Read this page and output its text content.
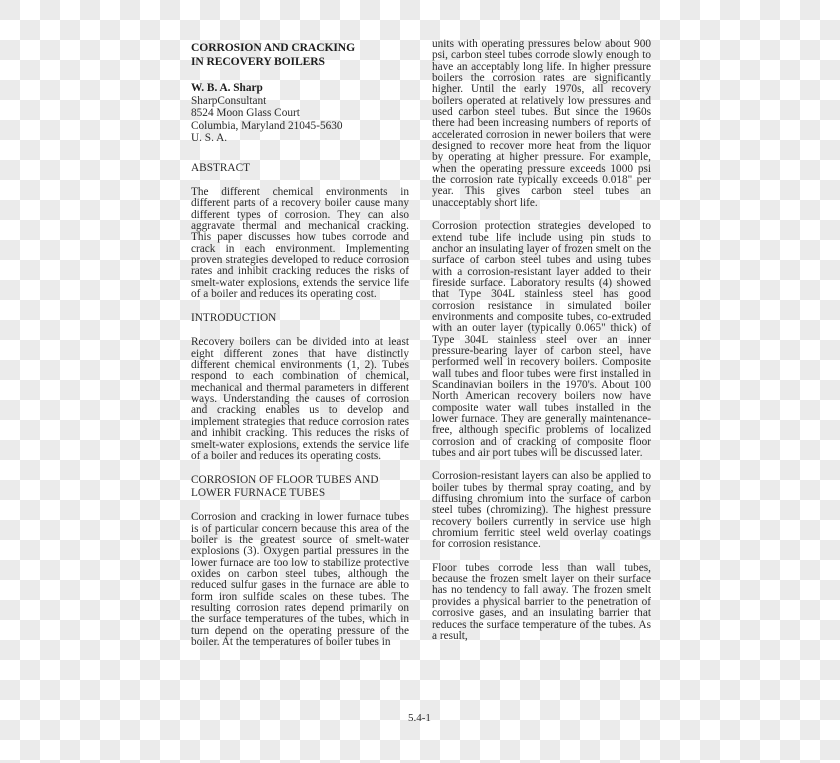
CORROSION AND CRACKING
IN RECOVERY BOILERS
W. B. A. Sharp
SharpConsultant
8524 Moon Glass Court
Columbia, Maryland 21045-5630
U. S. A.
ABSTRACT

The different chemical environments in different parts of a recovery boiler cause many different types of corrosion. They can also aggravate thermal and mechanical cracking. This paper discusses how tubes corrode and crack in each environment. Implementing proven strategies developed to reduce corrosion rates and inhibit cracking reduces the risks of smelt-water explosions, extends the service life of a boiler and reduces its operating cost.

INTRODUCTION

Recovery boilers can be divided into at least eight different zones that have distinctly different chemical environments (1, 2). Tubes respond to each combination of chemical, mechanical and thermal parameters in different ways. Understanding the causes of corrosion and cracking enables us to develop and implement strategies that reduce corrosion rates and inhibit cracking. This reduces the risks of smelt-water explosions, extends the service life of a boiler and reduces its operating costs.

CORROSION OF FLOOR TUBES AND
LOWER FURNACE TUBES

Corrosion and cracking in lower furnace tubes is of particular concern because this area of the boiler is the greatest source of smelt-water explosions (3). Oxygen partial pressures in the lower furnace are too low to stabilize protective oxides on carbon steel tubes, although the reduced sulfur gases in the furnace are able to form iron sulfide scales on these tubes. The resulting corrosion rates depend primarily on the surface temperatures of the tubes, which in turn depend on the operating pressure of the boiler. At the temperatures of boiler tubes in

units with operating pressures below about 900 psi, carbon steel tubes corrode slowly enough to have an acceptably long life. In higher pressure boilers the corrosion rates are significantly higher. Until the early 1970s, all recovery boilers operated at relatively low pressures and used carbon steel tubes. But since the 1960s there had been increasing numbers of reports of accelerated corrosion in newer boilers that were designed to recover more heat from the liquor by operating at higher pressure. For example, when the operating pressure exceeds 1000 psi the corrosion rate typically exceeds 0.018" per year. This gives carbon steel tubes an unacceptably short life.

Corrosion protection strategies developed to extend tube life include using pin studs to anchor an insulating layer of frozen smelt on the surface of carbon steel tubes and using tubes with a corrosion-resistant layer added to their fireside surface. Laboratory results (4) showed that Type 304L stainless steel has good corrosion resistance in simulated boiler environments and composite tubes, co-extruded with an outer layer (typically 0.065" thick) of Type 304L stainless steel over an inner pressure-bearing layer of carbon steel, have performed well in recovery boilers. Composite wall tubes and floor tubes were first installed in Scandinavian boilers in the 1970's. About 100 North American recovery boilers now have composite water wall tubes installed in the lower furnace. They are generally maintenance-free, although specific problems of localized corrosion and of cracking of composite floor tubes and air port tubes will be discussed later.

Corrosion-resistant layers can also be applied to boiler tubes by thermal spray coating, and by diffusing chromium into the surface of carbon steel tubes (chromizing). The highest pressure recovery boilers currently in service use high chromium ferritic steel weld overlay coatings for corrosion resistance.

Floor tubes corrode less than wall tubes, because the frozen smelt layer on their surface has no tendency to fall away. The frozen smelt provides a physical barrier to the penetration of corrosive gases, and an insulating barrier that reduces the surface temperature of the tubes. As a result,

5.4-1
